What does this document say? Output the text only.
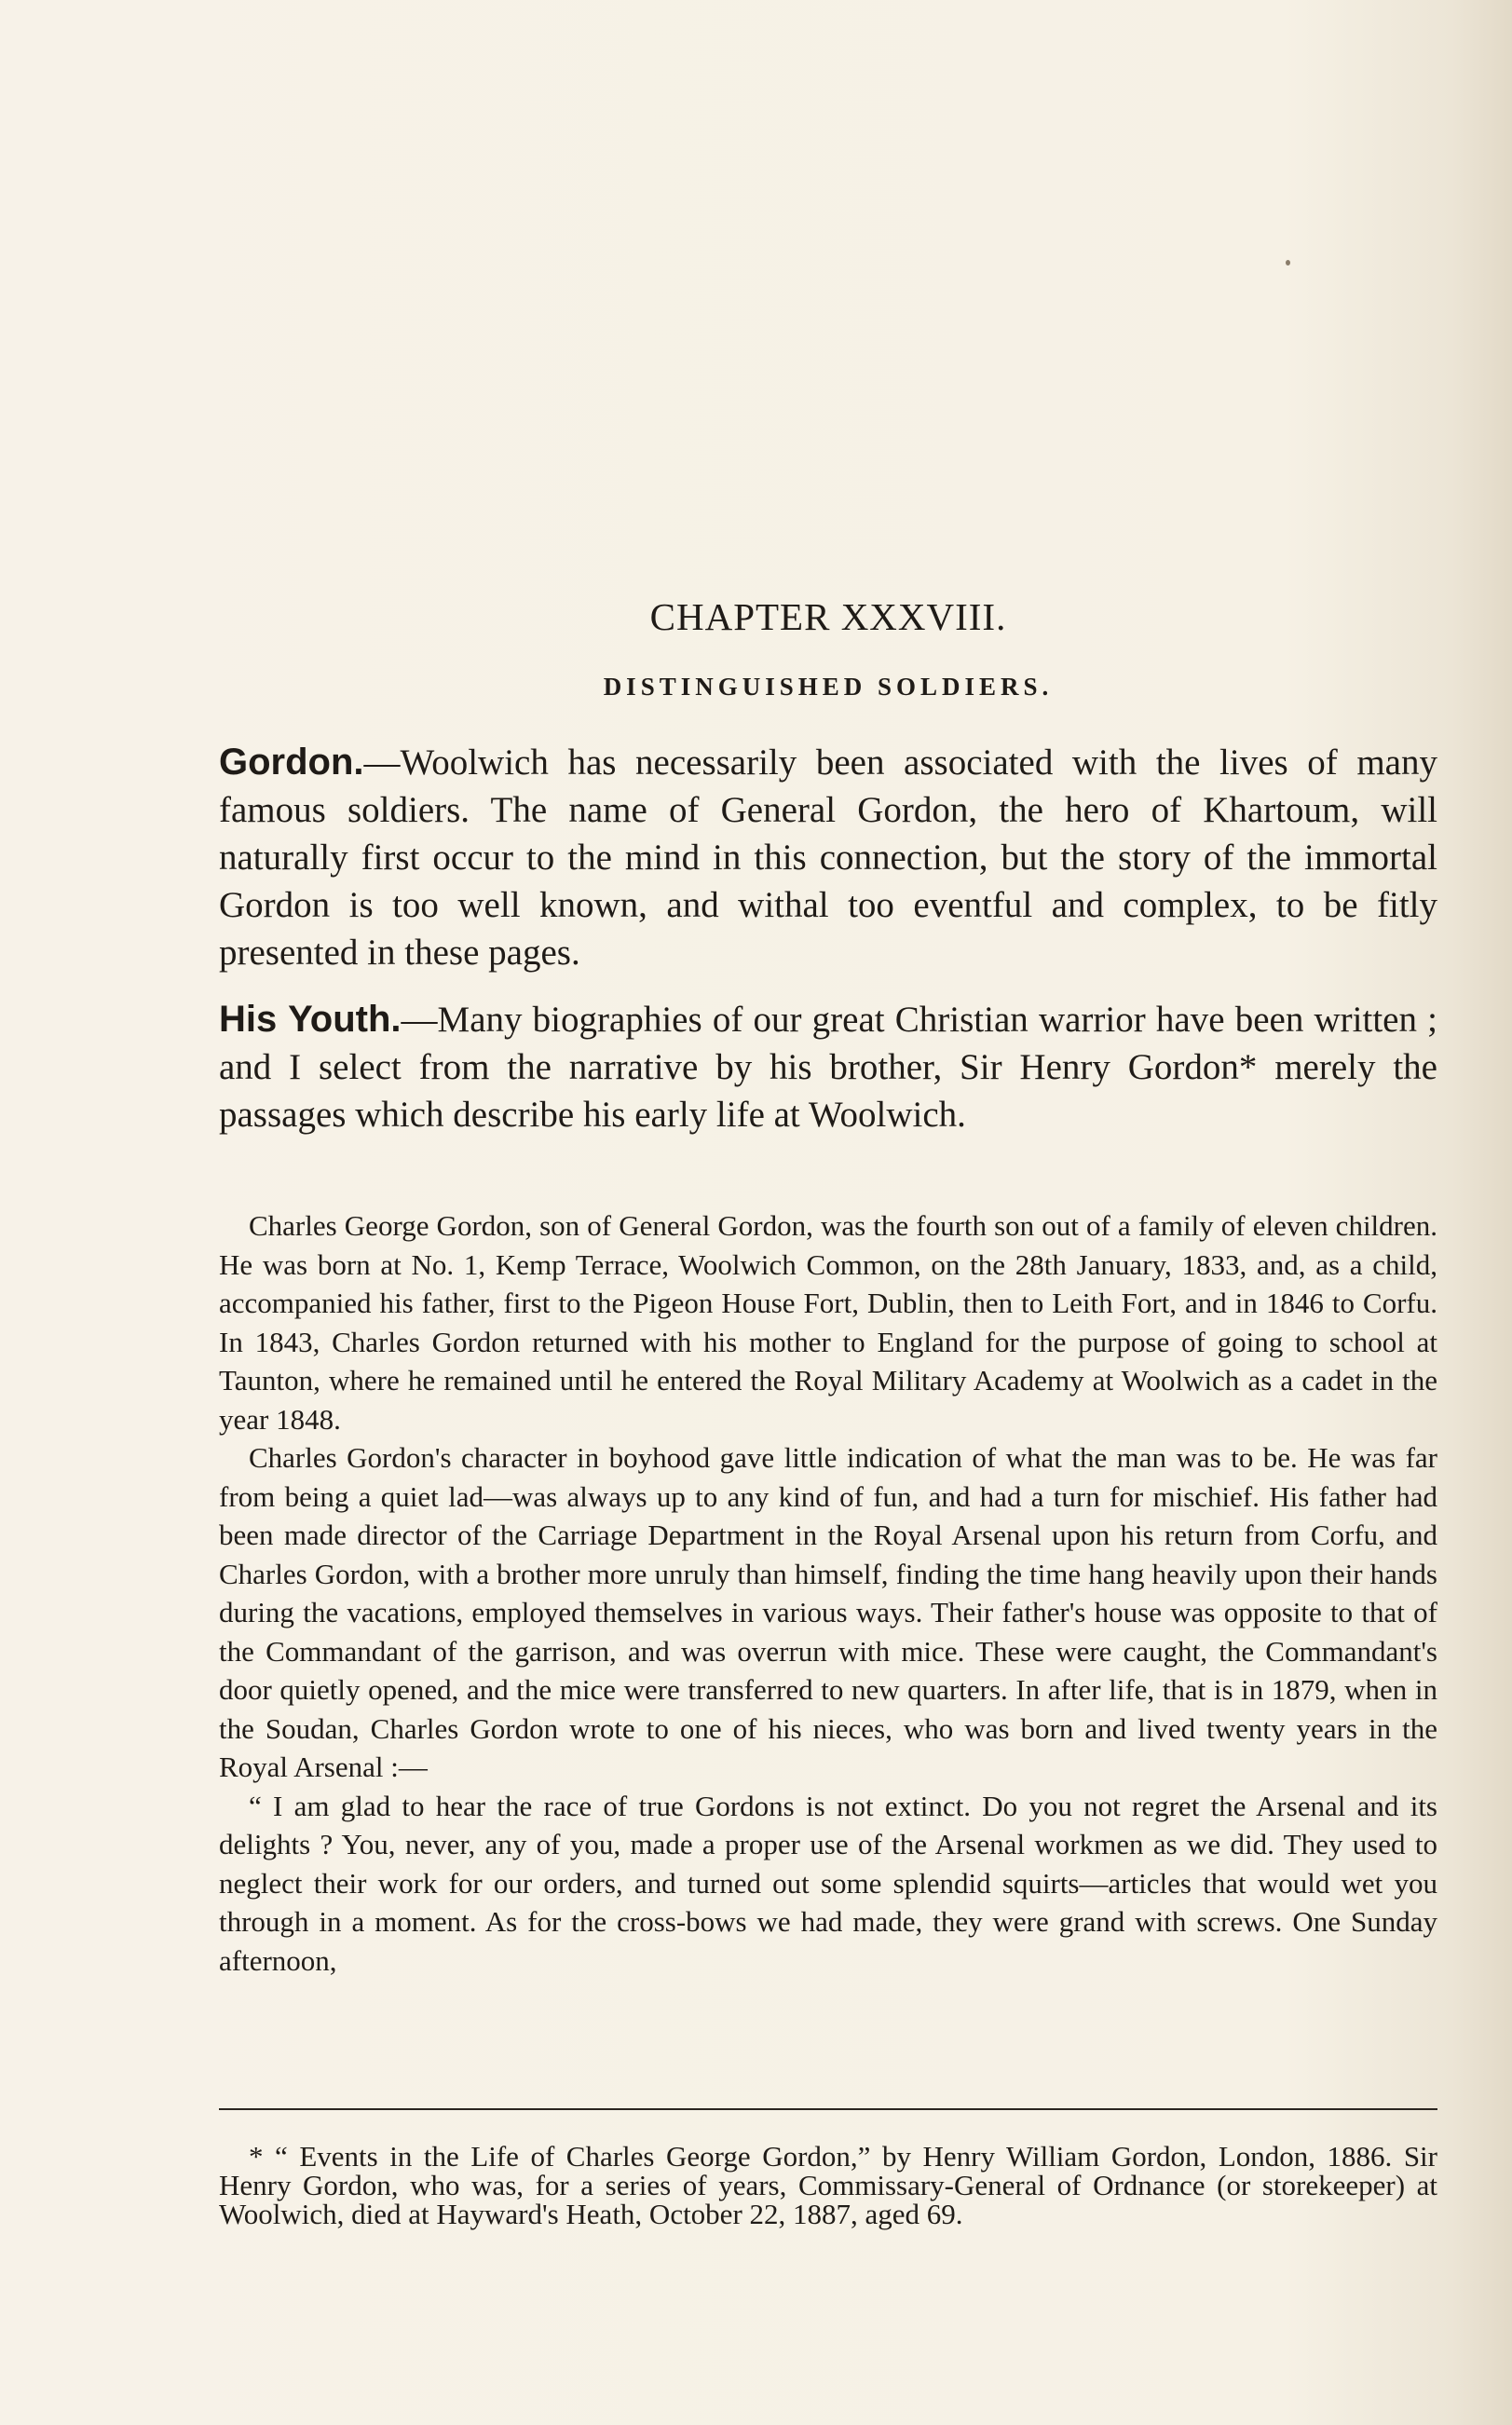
CHAPTER XXXVIII.
DISTINGUISHED SOLDIERS.

Gordon.—Woolwich has necessarily been associated with the lives of many famous soldiers. The name of General Gordon, the hero of Khartoum, will naturally first occur to the mind in this connection, but the story of the immortal Gordon is too well known, and withal too eventful and complex, to be fitly presented in these pages.

His Youth.—Many biographies of our great Christian warrior have been written ; and I select from the narrative by his brother, Sir Henry Gordon* merely the passages which describe his early life at Woolwich.

Charles George Gordon, son of General Gordon, was the fourth son out of a family of eleven children. He was born at No. 1, Kemp Terrace, Woolwich Common, on the 28th January, 1833, and, as a child, accompanied his father, first to the Pigeon House Fort, Dublin, then to Leith Fort, and in 1846 to Corfu. In 1843, Charles Gordon returned with his mother to England for the purpose of going to school at Taunton, where he remained until he entered the Royal Military Academy at Woolwich as a cadet in the year 1848.

Charles Gordon's character in boyhood gave little indication of what the man was to be. He was far from being a quiet lad—was always up to any kind of fun, and had a turn for mischief. His father had been made director of the Carriage Department in the Royal Arsenal upon his return from Corfu, and Charles Gordon, with a brother more unruly than himself, finding the time hang heavily upon their hands during the vacations, employed themselves in various ways. Their father's house was opposite to that of the Commandant of the garrison, and was overrun with mice. These were caught, the Commandant's door quietly opened, and the mice were transferred to new quarters. In after life, that is in 1879, when in the Soudan, Charles Gordon wrote to one of his nieces, who was born and lived twenty years in the Royal Arsenal :—

“ I am glad to hear the race of true Gordons is not extinct. Do you not regret the Arsenal and its delights ? You, never, any of you, made a proper use of the Arsenal workmen as we did. They used to neglect their work for our orders, and turned out some splendid squirts—articles that would wet you through in a moment. As for the cross-bows we had made, they were grand with screws. One Sunday afternoon,

* “ Events in the Life of Charles George Gordon,” by Henry William Gordon, London, 1886. Sir Henry Gordon, who was, for a series of years, Commissary-General of Ordnance (or storekeeper) at Woolwich, died at Hayward's Heath, October 22, 1887, aged 69.
